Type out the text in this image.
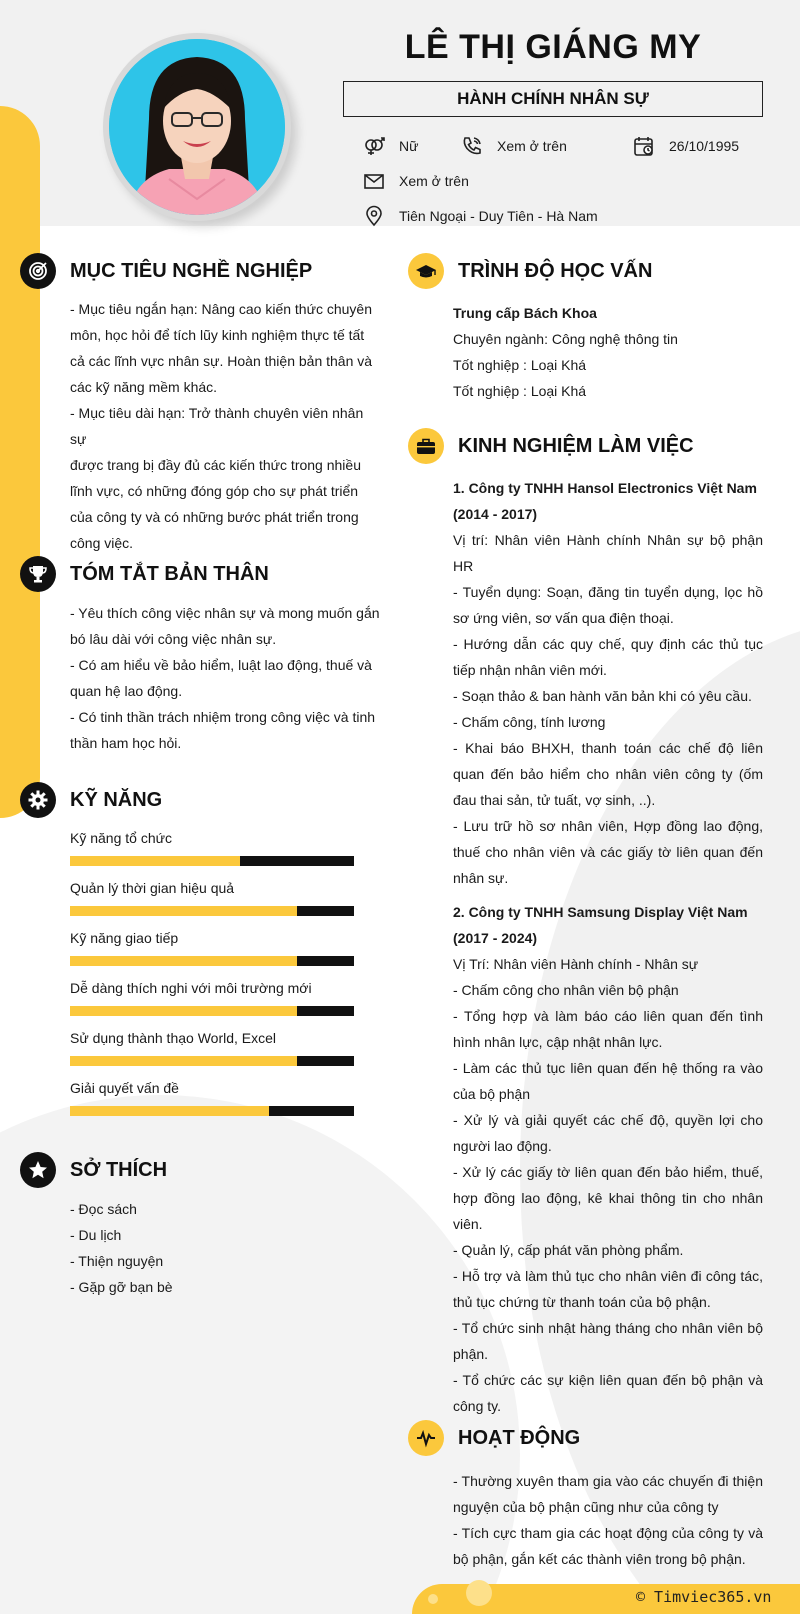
LÊ THỊ GIÁNG MY
HÀNH CHÍNH NHÂN SỰ
Nữ	Xem ở trên	26/10/1995
Xem ở trên
Tiên Ngoại - Duy Tiên - Hà Nam
MỤC TIÊU NGHỀ NGHIỆP

- Mục tiêu ngắn hạn: Nâng cao kiến thức chuyên

môn, học hỏi để tích lũy kinh nghiệm thực tế tất

cả các lĩnh vực nhân sự. Hoàn thiện bản thân và

các kỹ năng mềm khác.

- Mục tiêu dài hạn: Trở thành chuyên viên nhân sự

được trang bị đầy đủ các kiến thức trong nhiều

lĩnh vực, có những đóng góp cho sự phát triển

của công ty và có những bước phát triển trong

công việc.

TÓM TẮT BẢN THÂN

- Yêu thích công việc nhân sự và mong muốn gắn

bó lâu dài với công việc nhân sự.

- Có am hiểu về bảo hiểm, luật lao động, thuế và

quan hệ lao động.

- Có tinh thần trách nhiệm trong công việc và tinh

thần ham học hỏi.

KỸ NĂNG
Kỹ năng tổ chức
Quản lý thời gian hiệu quả
Kỹ năng giao tiếp
Dễ dàng thích nghi với môi trường mới
Sử dụng thành thạo World, Excel
Giải quyết vấn đề
SỞ THÍCH

- Đọc sách

- Du lịch

- Thiện nguyện

- Gặp gỡ bạn bè

TRÌNH ĐỘ HỌC VẤN

Trung cấp Bách Khoa

Chuyên ngành: Công nghệ thông tin

Tốt nghiệp : Loại Khá

Tốt nghiệp : Loại Khá

KINH NGHIỆM LÀM VIỆC

1. Công ty TNHH Hansol Electronics Việt Nam

(2014 - 2017)

Vị trí: Nhân viên Hành chính Nhân sự bộ phận HR

- Tuyển dụng: Soạn, đăng tin tuyển dụng, lọc hồ sơ ứng viên, sơ vấn qua điện thoại.

- Hướng dẫn các quy chế, quy định các thủ tục tiếp nhận nhân viên mới.

- Soạn thảo & ban hành văn bản khi có yêu cầu.

- Chấm công, tính lương

- Khai báo BHXH, thanh toán các chế độ liên quan đến bảo hiểm cho nhân viên công ty (ốm đau thai sản, tử tuất, vợ sinh, ..).

- Lưu trữ hồ sơ nhân viên, Hợp đồng lao động, thuế cho nhân viên và các giấy tờ liên quan đến nhân sự.

2. Công ty TNHH Samsung Display Việt Nam

(2017 - 2024)

Vị Trí: Nhân viên Hành chính - Nhân sự

- Chấm công cho nhân viên bộ phận

- Tổng hợp và làm báo cáo liên quan đến tình hình nhân lực, cập nhật nhân lực.

- Làm các thủ tục liên quan đến hệ thống ra vào của bộ phận

- Xử lý và giải quyết các chế độ, quyền lợi cho người lao động.

- Xử lý các giấy tờ liên quan đến bảo hiểm, thuế, hợp đồng lao động, kê khai thông tin cho nhân viên.

- Quản lý, cấp phát văn phòng phẩm.

- Hỗ trợ và làm thủ tục cho nhân viên đi công tác, thủ tục chứng từ thanh toán của bộ phận.

- Tổ chức sinh nhật hàng tháng cho nhân viên bộ phận.

- Tổ chức các sự kiện liên quan đến bộ phận và công ty.

HOẠT ĐỘNG

- Thường xuyên tham gia vào các chuyến đi thiện nguyện của bộ phận cũng như của công ty

- Tích cực tham gia các hoạt động của công ty và bộ phận, gắn kết các thành viên trong bộ phận.

© Timviec365.vn
